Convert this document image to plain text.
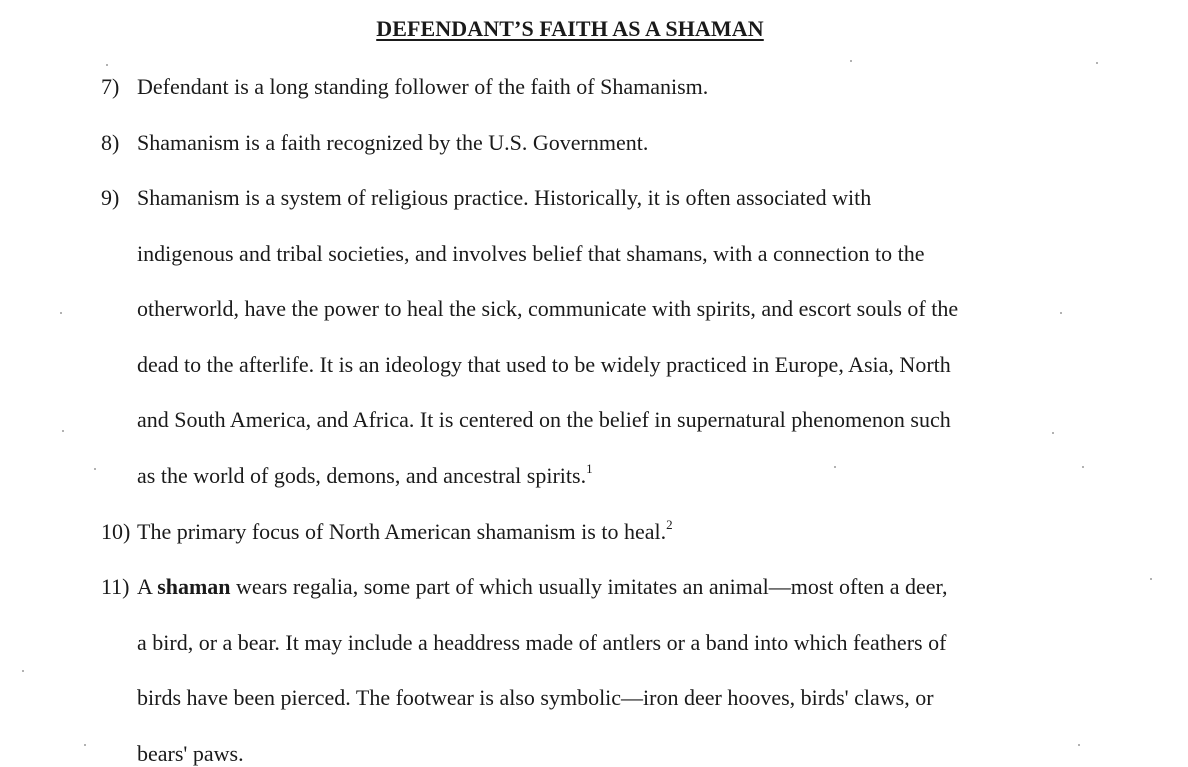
DEFENDANT’S FAITH AS A SHAMAN
7) Defendant is a long standing follower of the faith of Shamanism.
8) Shamanism is a faith recognized by the U.S. Government.
9) Shamanism is a system of religious practice. Historically, it is often associated with
indigenous and tribal societies, and involves belief that shamans, with a connection to the
otherworld, have the power to heal the sick, communicate with spirits, and escort souls of the
dead to the afterlife. It is an ideology that used to be widely practiced in Europe, Asia, North
and South America, and Africa. It is centered on the belief in supernatural phenomenon such
as the world of gods, demons, and ancestral spirits.$^1$
10) The primary focus of North American shamanism is to heal.$^2$
11) A shaman wears regalia, some part of which usually imitates an animal—most often a deer,
a bird, or a bear. It may include a headdress made of antlers or a band into which feathers of
birds have been pierced. The footwear is also symbolic—iron deer hooves, birds' claws, or
bears' paws.
